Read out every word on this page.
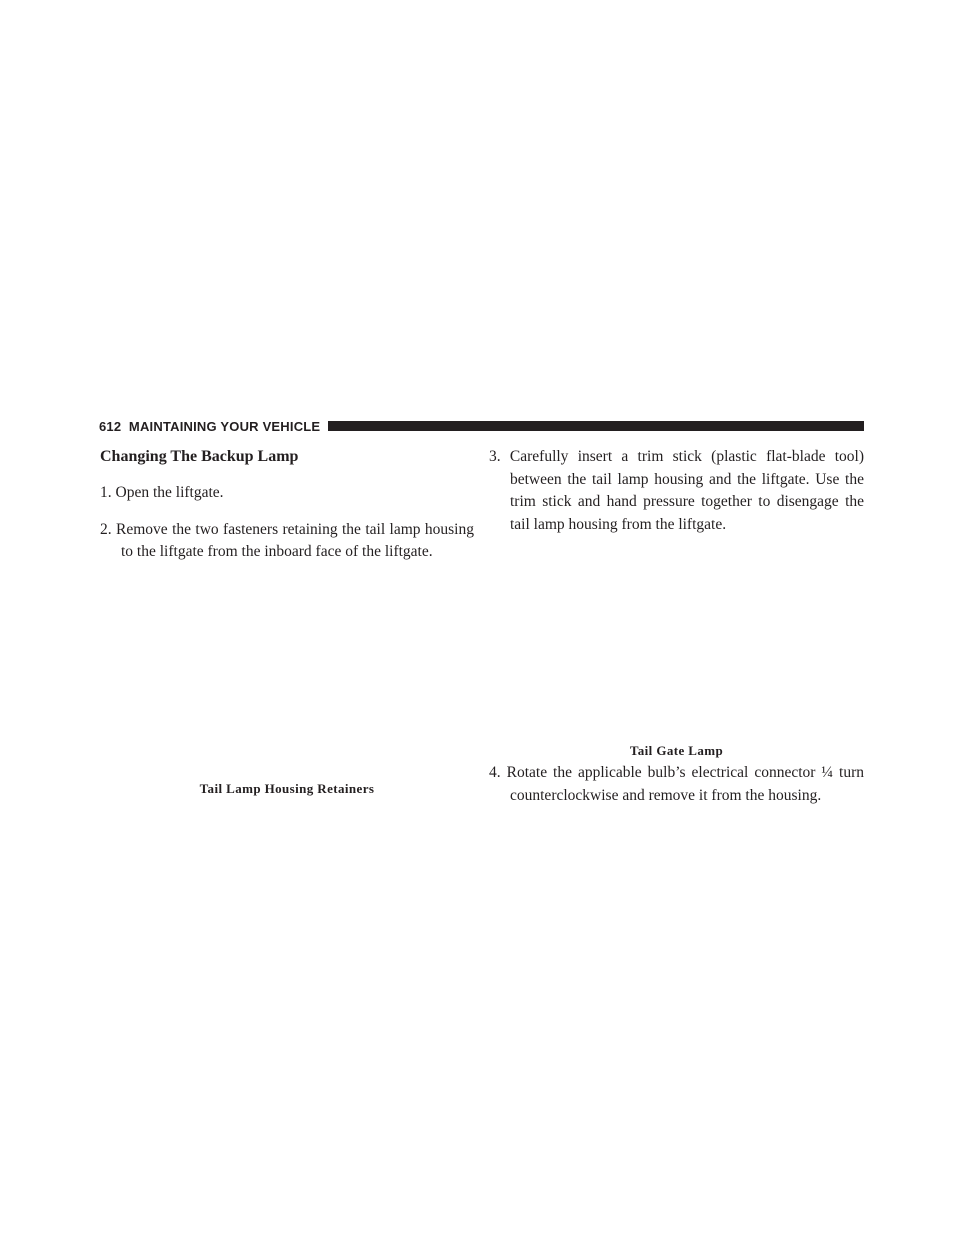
612 MAINTAINING YOUR VEHICLE
Changing The Backup Lamp
1. Open the liftgate.
2. Remove the two fasteners retaining the tail lamp housing to the liftgate from the inboard face of the liftgate.
Tail Lamp Housing Retainers
3. Carefully insert a trim stick (plastic flat-blade tool) between the tail lamp housing and the liftgate. Use the trim stick and hand pressure together to disengage the tail lamp housing from the liftgate.
Tail Gate Lamp
4. Rotate the applicable bulb’s electrical connector ¼ turn counterclockwise and remove it from the housing.
